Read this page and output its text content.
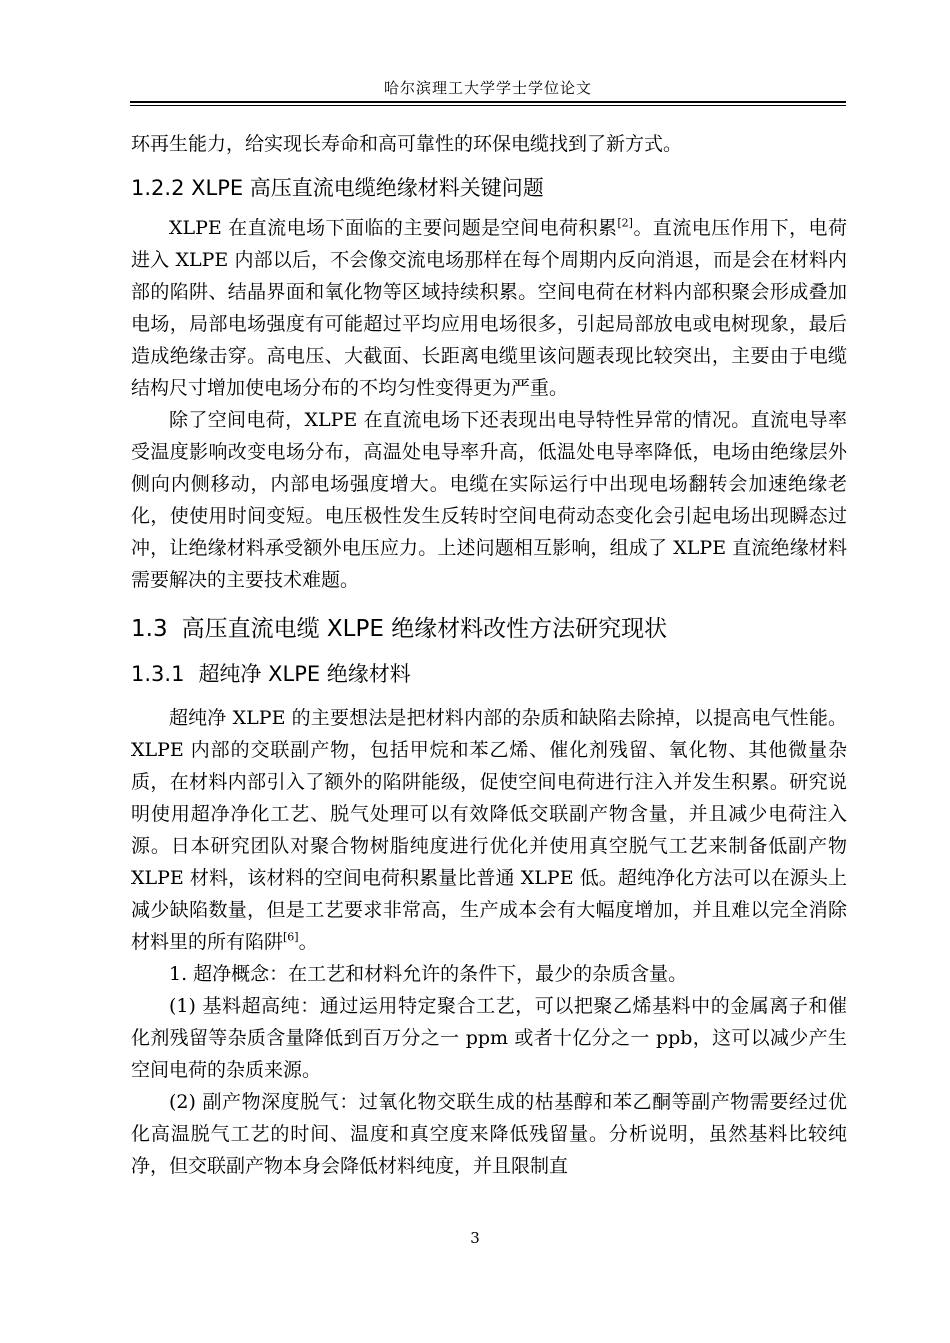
哈尔滨理工大学学士学位论文

环再生能力，给实现长寿命和高可靠性的环保电缆找到了新方式。

1.2.2 XLPE 高压直流电缆绝缘材料关键问题

XLPE 在直流电场下面临的主要问题是空间电荷积累[2]。直流电压作用下，电荷进入 XLPE 内部以后，不会像交流电场那样在每个周期内反向消退，而是会在材料内部的陷阱、结晶界面和氧化物等区域持续积累。空间电荷在材料内部积聚会形成叠加电场，局部电场强度有可能超过平均应用电场很多，引起局部放电或电树现象，最后造成绝缘击穿。高电压、大截面、长距离电缆里该问题表现比较突出，主要由于电缆结构尺寸增加使电场分布的不均匀性变得更为严重。

除了空间电荷，XLPE 在直流电场下还表现出电导特性异常的情况。直流电导率受温度影响改变电场分布，高温处电导率升高，低温处电导率降低，电场由绝缘层外侧向内侧移动，内部电场强度增大。电缆在实际运行中出现电场翻转会加速绝缘老化，使使用时间变短。电压极性发生反转时空间电荷动态变化会引起电场出现瞬态过冲，让绝缘材料承受额外电压应力。上述问题相互影响，组成了 XLPE 直流绝缘材料需要解决的主要技术难题。

1.3 高压直流电缆 XLPE 绝缘材料改性方法研究现状
1.3.1 超纯净 XLPE 绝缘材料

超纯净 XLPE 的主要想法是把材料内部的杂质和缺陷去除掉，以提高电气性能。XLPE 内部的交联副产物，包括甲烷和苯乙烯、催化剂残留、氧化物、其他微量杂质，在材料内部引入了额外的陷阱能级，促使空间电荷进行注入并发生积累。研究说明使用超净净化工艺、脱气处理可以有效降低交联副产物含量，并且减少电荷注入源。日本研究团队对聚合物树脂纯度进行优化并使用真空脱气工艺来制备低副产物 XLPE 材料，该材料的空间电荷积累量比普通 XLPE 低。超纯净化方法可以在源头上减少缺陷数量，但是工艺要求非常高，生产成本会有大幅度增加，并且难以完全消除材料里的所有陷阱[6]。

1. 超净概念：在工艺和材料允许的条件下，最少的杂质含量。

(1) 基料超高纯：通过运用特定聚合工艺，可以把聚乙烯基料中的金属离子和催化剂残留等杂质含量降低到百万分之一 ppm 或者十亿分之一 ppb，这可以减少产生空间电荷的杂质来源。

(2) 副产物深度脱气：过氧化物交联生成的枯基醇和苯乙酮等副产物需要经过优化高温脱气工艺的时间、温度和真空度来降低残留量。分析说明，虽然基料比较纯净，但交联副产物本身会降低材料纯度，并且限制直

3
